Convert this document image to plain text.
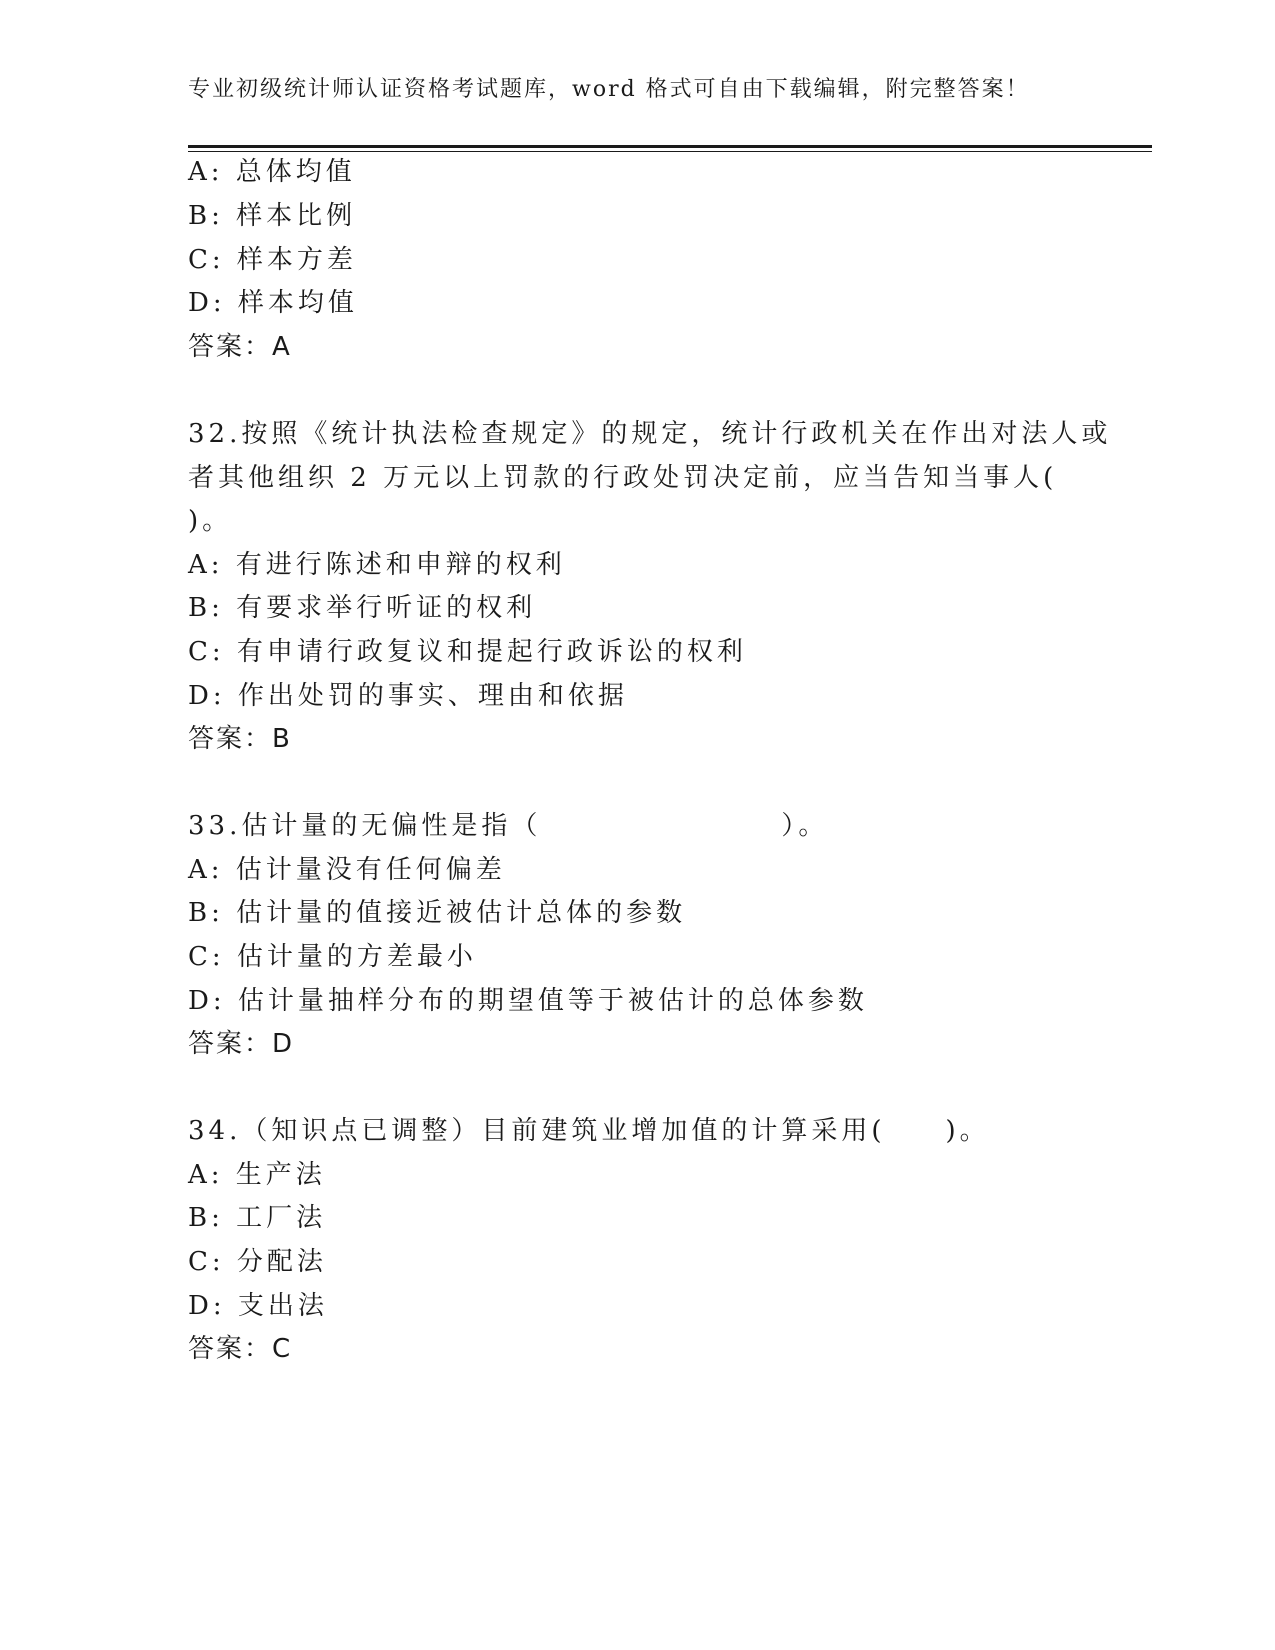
专业初级统计师认证资格考试题库，word 格式可自由下载编辑，附完整答案！
A: 总体均值
B: 样本比例
C: 样本方差
D: 样本均值
答案：A
32.按照《统计执法检查规定》的规定，统计行政机关在作出对法人或
者其他组织 2 万元以上罚款的行政处罚决定前，应当告知当事人(
)。
A: 有进行陈述和申辩的权利
B: 有要求举行听证的权利
C: 有申请行政复议和提起行政诉讼的权利
D: 作出处罚的事实、理由和依据
答案：B
33.估计量的无偏性是指（　　　　　　　　）。
A: 估计量没有任何偏差
B: 估计量的值接近被估计总体的参数
C: 估计量的方差最小
D: 估计量抽样分布的期望值等于被估计的总体参数
答案：D
34.（知识点已调整）目前建筑业增加值的计算采用(　　)。
A: 生产法
B: 工厂法
C: 分配法
D: 支出法
答案：C
